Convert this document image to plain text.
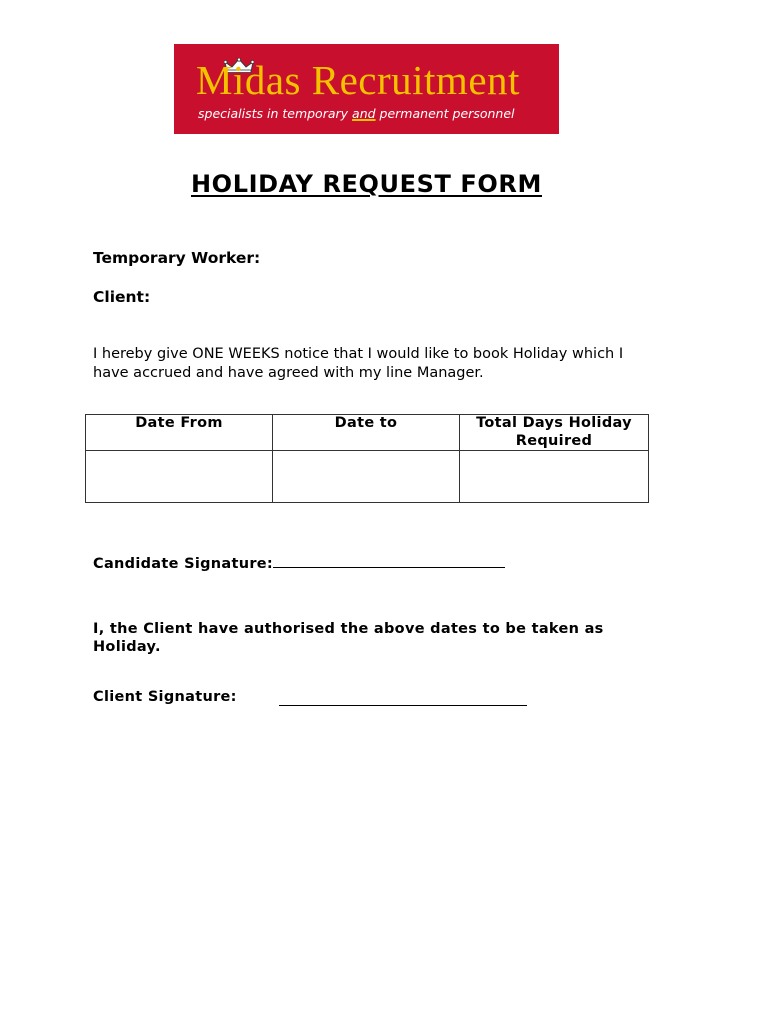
Midas Recruitment
specialists in temporary and permanent personnel
HOLIDAY REQUEST FORM
Temporary Worker:
Client:
I hereby give ONE WEEKS notice that I would like to book Holiday which I have accrued and have agreed with my line Manager.
Date From	Date to	Total Days Holiday Required

Candidate Signature:
I, the Client have authorised the above dates to be taken as Holiday.
Client Signature:
